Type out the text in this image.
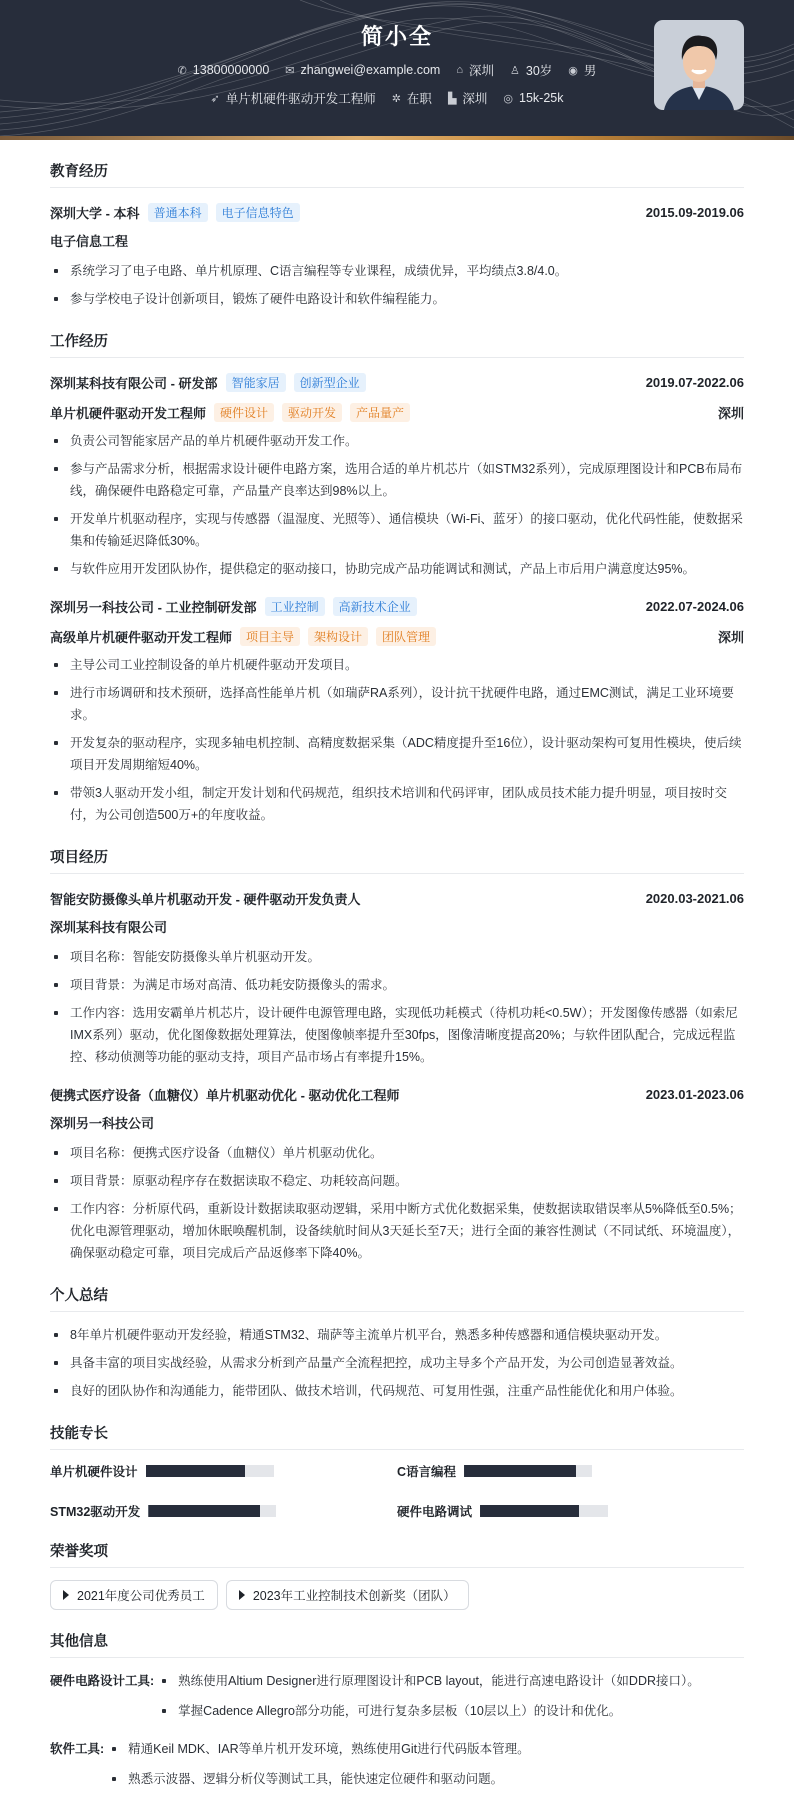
简小全
✆ 13800000000 ✉ zhangwei@example.com ⌂ 深圳 ♙ 30岁 ◉ 男
➶ 单片机硬件驱动开发工程师 ✲ 在职 ▙ 深圳 ◎ 15k-25k
教育经历
深圳大学 - 本科	普通本科	电子信息特色	2015.09-2019.06
电子信息工程
系统学习了电子电路、单片机原理、C语言编程等专业课程，成绩优异，平均绩点3.8/4.0。
参与学校电子设计创新项目，锻炼了硬件电路设计和软件编程能力。
工作经历
深圳某科技有限公司 - 研发部	智能家居	创新型企业	2019.07-2022.06
单片机硬件驱动开发工程师	硬件设计	驱动开发	产品量产	深圳
负责公司智能家居产品的单片机硬件驱动开发工作。
参与产品需求分析，根据需求设计硬件电路方案，选用合适的单片机芯片（如STM32系列），完成原理图设计和PCB布局布线，确保硬件电路稳定可靠，产品量产良率达到98%以上。
开发单片机驱动程序，实现与传感器（温湿度、光照等）、通信模块（Wi-Fi、蓝牙）的接口驱动，优化代码性能，使数据采集和传输延迟降低30%。
与软件应用开发团队协作，提供稳定的驱动接口，协助完成产品功能调试和测试，产品上市后用户满意度达95%。
深圳另一科技公司 - 工业控制研发部	工业控制	高新技术企业	2022.07-2024.06
高级单片机硬件驱动开发工程师	项目主导	架构设计	团队管理	深圳
主导公司工业控制设备的单片机硬件驱动开发项目。
进行市场调研和技术预研，选择高性能单片机（如瑞萨RA系列），设计抗干扰硬件电路，通过EMC测试，满足工业环境要求。
开发复杂的驱动程序，实现多轴电机控制、高精度数据采集（ADC精度提升至16位），设计驱动架构可复用性模块，使后续项目开发周期缩短40%。
带领3人驱动开发小组，制定开发计划和代码规范，组织技术培训和代码评审，团队成员技术能力提升明显，项目按时交付，为公司创造500万+的年度收益。
项目经历
智能安防摄像头单片机驱动开发 - 硬件驱动开发负责人	2020.03-2021.06
深圳某科技有限公司
项目名称：智能安防摄像头单片机驱动开发。
项目背景：为满足市场对高清、低功耗安防摄像头的需求。
工作内容：选用安霸单片机芯片，设计硬件电源管理电路，实现低功耗模式（待机功耗<0.5W）；开发图像传感器（如索尼IMX系列）驱动，优化图像数据处理算法，使图像帧率提升至30fps，图像清晰度提高20%；与软件团队配合，完成远程监控、移动侦测等功能的驱动支持，项目产品市场占有率提升15%。
便携式医疗设备（血糖仪）单片机驱动优化 - 驱动优化工程师	2023.01-2023.06
深圳另一科技公司
项目名称：便携式医疗设备（血糖仪）单片机驱动优化。
项目背景：原驱动程序存在数据读取不稳定、功耗较高问题。
工作内容：分析原代码，重新设计数据读取驱动逻辑，采用中断方式优化数据采集，使数据读取错误率从5%降低至0.5%；优化电源管理驱动，增加休眠唤醒机制，设备续航时间从3天延长至7天；进行全面的兼容性测试（不同试纸、环境温度），确保驱动稳定可靠，项目完成后产品返修率下降40%。
个人总结
8年单片机硬件驱动开发经验，精通STM32、瑞萨等主流单片机平台，熟悉多种传感器和通信模块驱动开发。
具备丰富的项目实战经验，从需求分析到产品量产全流程把控，成功主导多个产品开发，为公司创造显著效益。
良好的团队协作和沟通能力，能带团队、做技术培训，代码规范、可复用性强，注重产品性能优化和用户体验。
技能专长
单片机硬件设计	C语言编程
STM32驱动开发	硬件电路调试
荣誉奖项
2021年度公司优秀员工	2023年工业控制技术创新奖（团队）
其他信息
硬件电路设计工具:	熟练使用Altium Designer进行原理图设计和PCB layout，能进行高速电路设计（如DDR接口）。
掌握Cadence Allegro部分功能，可进行复杂多层板（10层以上）的设计和优化。
软件工具:	精通Keil MDK、IAR等单片机开发环境，熟练使用Git进行代码版本管理。
熟悉示波器、逻辑分析仪等测试工具，能快速定位硬件和驱动问题。
